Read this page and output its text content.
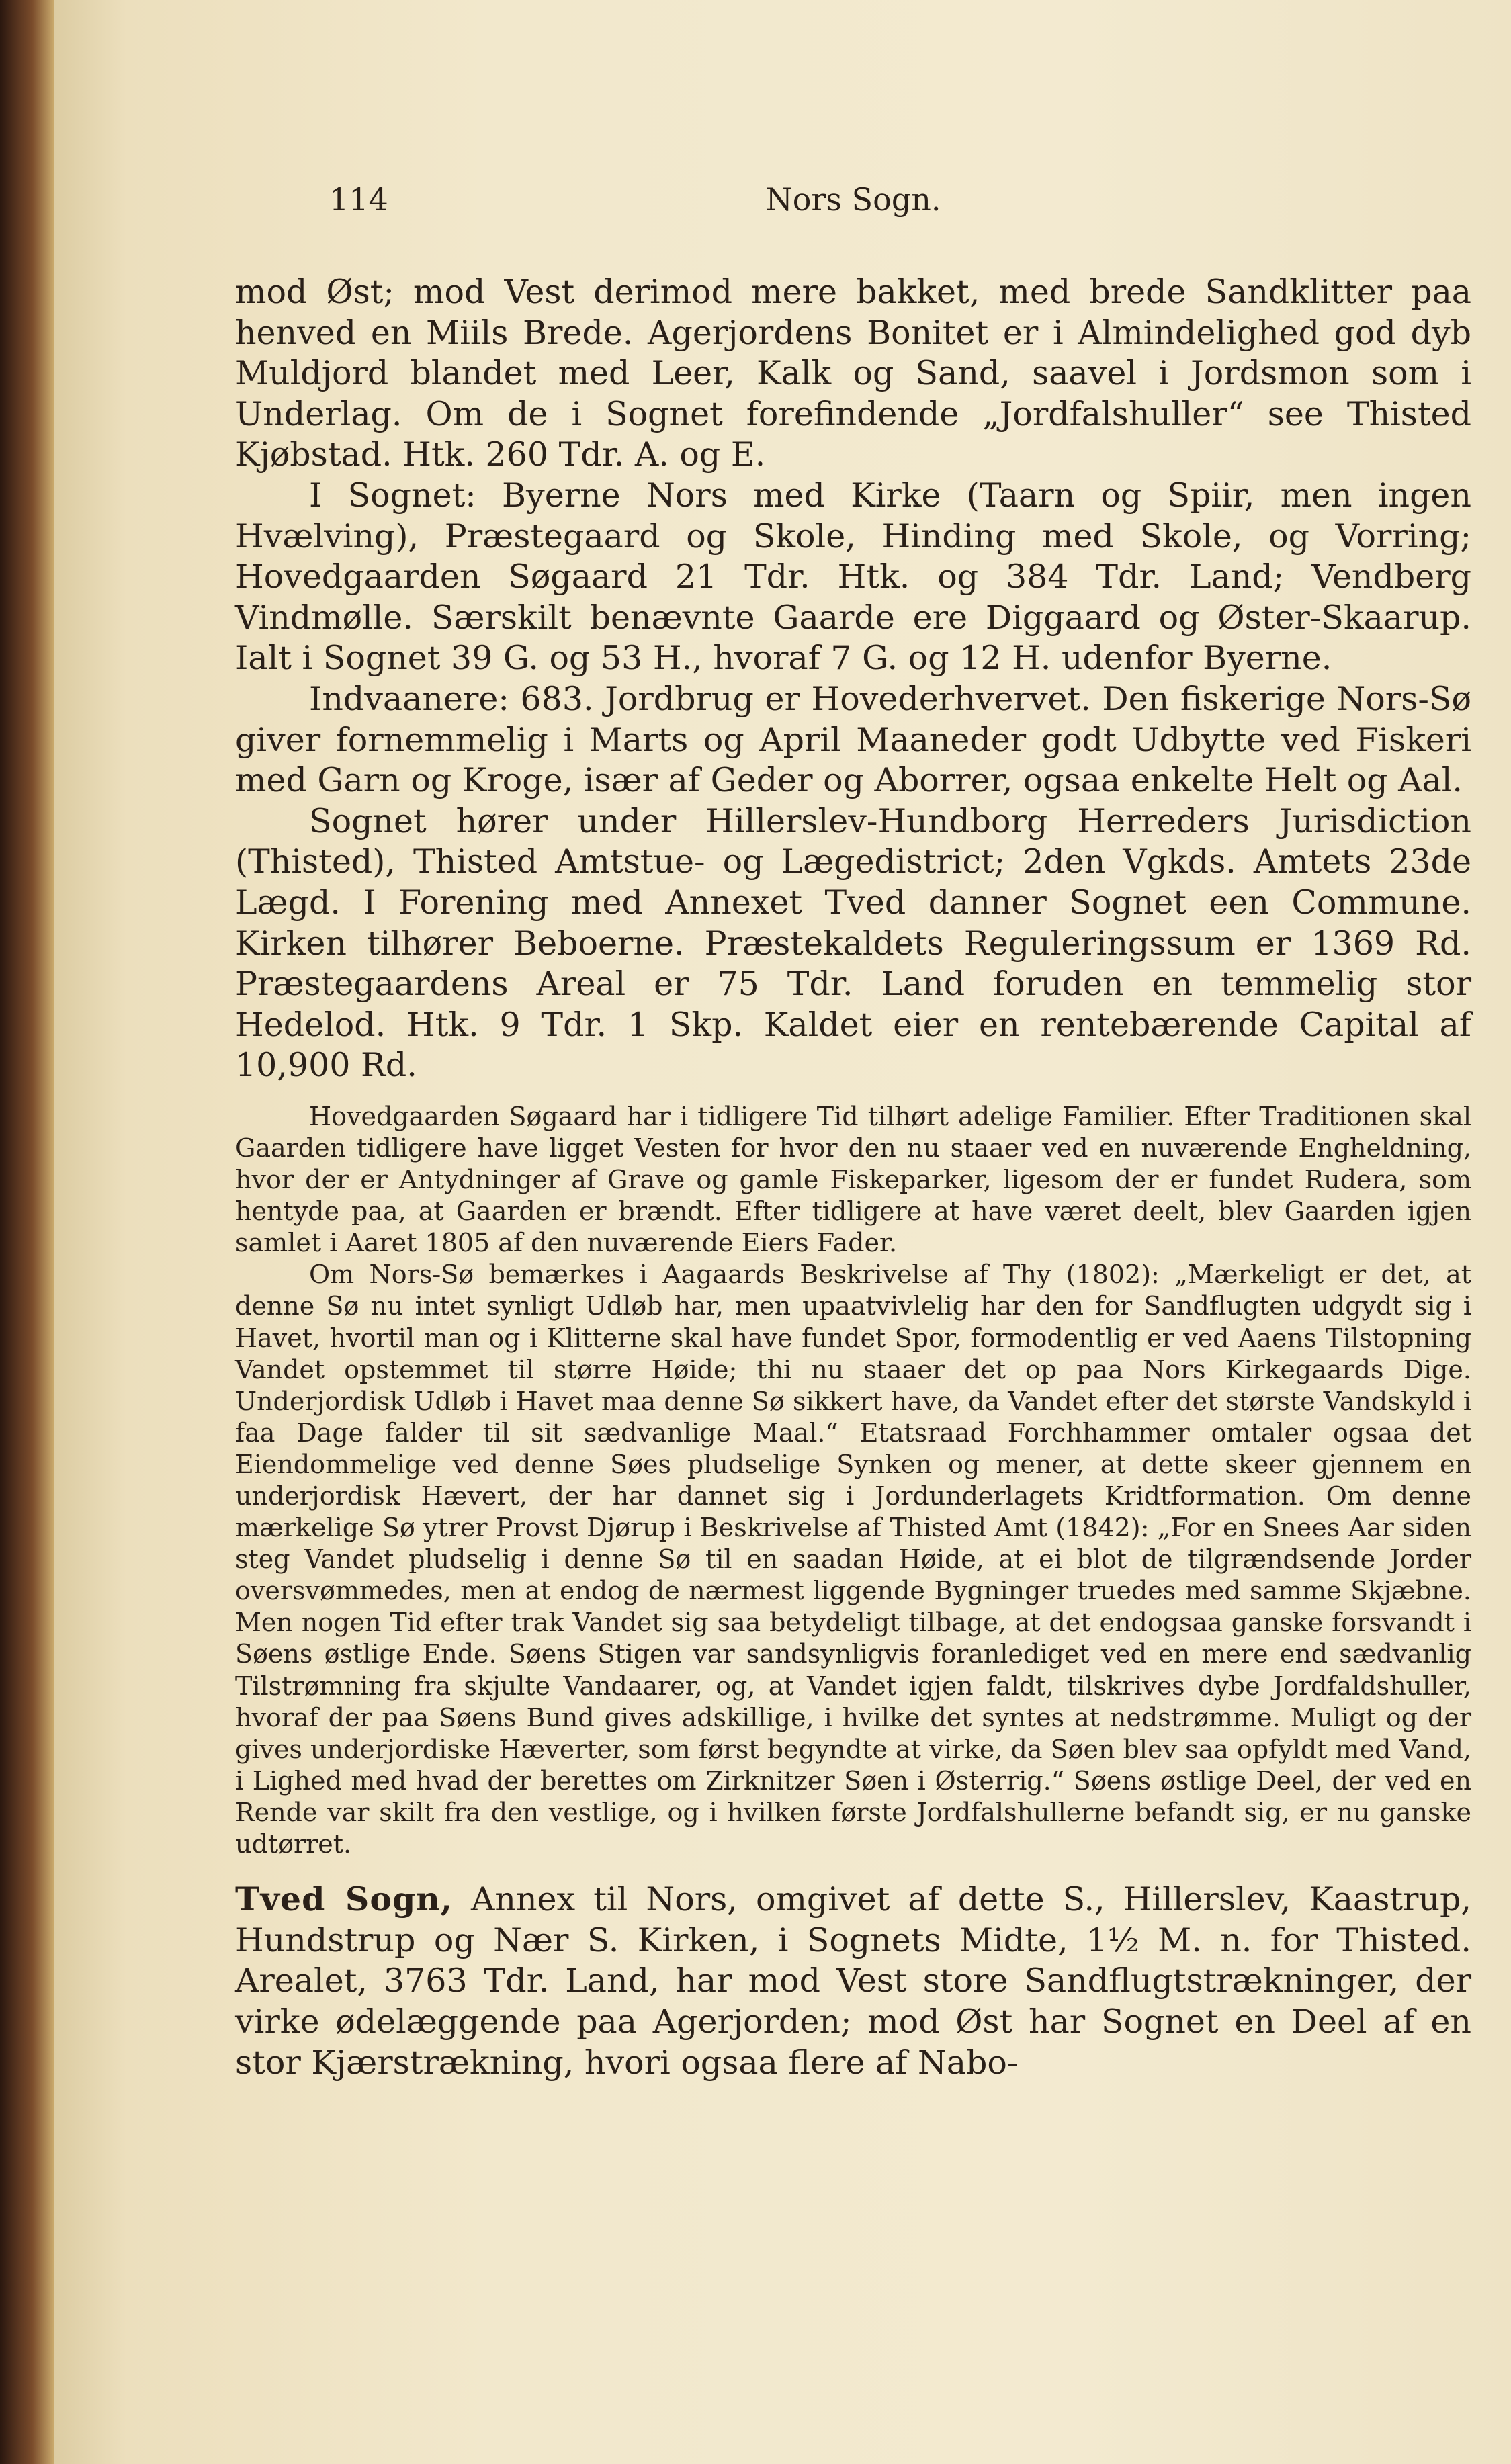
114	Nors Sogn.

mod Øst; mod Vest derimod mere bakket, med brede Sandklitter paa henved en Miils Brede. Agerjordens Bonitet er i Almindelighed god dyb Muldjord blandet med Leer, Kalk og Sand, saavel i Jordsmon som i Underlag. Om de i Sognet forefindende „Jordfalshuller“ see Thisted Kjøbstad. Htk. 260 Tdr. A. og E.

I Sognet: Byerne Nors med Kirke (Taarn og Spiir, men ingen Hvælving), Præstegaard og Skole, Hinding med Skole, og Vorring; Hovedgaarden Søgaard 21 Tdr. Htk. og 384 Tdr. Land; Vendberg Vindmølle. Særskilt benævnte Gaarde ere Diggaard og Øster-Skaarup. Ialt i Sognet 39 G. og 53 H., hvoraf 7 G. og 12 H. udenfor Byerne.

Indvaanere: 683. Jordbrug er Hovederhvervet. Den fiskerige Nors-Sø giver fornemmelig i Marts og April Maaneder godt Udbytte ved Fiskeri med Garn og Kroge, især af Geder og Aborrer, ogsaa enkelte Helt og Aal.

Sognet hører under Hillerslev-Hundborg Herreders Jurisdiction (Thisted), Thisted Amtstue- og Lægedistrict; 2den Vgkds. Amtets 23de Lægd. I Forening med Annexet Tved danner Sognet een Commune. Kirken tilhører Beboerne. Præstekaldets Reguleringssum er 1369 Rd. Præstegaardens Areal er 75 Tdr. Land foruden en temmelig stor Hedelod. Htk. 9 Tdr. 1 Skp. Kaldet eier en rentebærende Capital af 10,900 Rd.

Hovedgaarden Søgaard har i tidligere Tid tilhørt adelige Familier. Efter Traditionen skal Gaarden tidligere have ligget Vesten for hvor den nu staaer ved en nuværende Engheldning, hvor der er Antydninger af Grave og gamle Fiskeparker, ligesom der er fundet Rudera, som hentyde paa, at Gaarden er brændt. Efter tidligere at have været deelt, blev Gaarden igjen samlet i Aaret 1805 af den nuværende Eiers Fader.

Om Nors-Sø bemærkes i Aagaards Beskrivelse af Thy (1802): „Mærkeligt er det, at denne Sø nu intet synligt Udløb har, men upaatvivlelig har den for Sandflugten udgydt sig i Havet, hvortil man og i Klitterne skal have fundet Spor, formodentlig er ved Aaens Tilstopning Vandet opstemmet til større Høide; thi nu staaer det op paa Nors Kirkegaards Dige. Underjordisk Udløb i Havet maa denne Sø sikkert have, da Vandet efter det største Vandskyld i faa Dage falder til sit sædvanlige Maal.“ Etatsraad Forchhammer omtaler ogsaa det Eiendommelige ved denne Søes pludselige Synken og mener, at dette skeer gjennem en underjordisk Hævert, der har dannet sig i Jordunderlagets Kridtformation. Om denne mærkelige Sø ytrer Provst Djørup i Beskrivelse af Thisted Amt (1842): „For en Snees Aar siden steg Vandet pludselig i denne Sø til en saadan Høide, at ei blot de tilgrændsende Jorder oversvømmedes, men at endog de nærmest liggende Bygninger truedes med samme Skjæbne. Men nogen Tid efter trak Vandet sig saa betydeligt tilbage, at det endogsaa ganske forsvandt i Søens østlige Ende. Søens Stigen var sandsynligvis foranlediget ved en mere end sædvanlig Tilstrømning fra skjulte Vandaarer, og, at Vandet igjen faldt, tilskrives dybe Jordfaldshuller, hvoraf der paa Søens Bund gives adskillige, i hvilke det syntes at nedstrømme. Muligt og der gives underjordiske Hæverter, som først begyndte at virke, da Søen blev saa opfyldt med Vand, i Lighed med hvad der berettes om Zirknitzer Søen i Østerrig.“ Søens østlige Deel, der ved en Rende var skilt fra den vestlige, og i hvilken første Jordfalshullerne befandt sig, er nu ganske udtørret.

Tved Sogn, Annex til Nors, omgivet af dette S., Hillerslev, Kaastrup, Hundstrup og Nær S. Kirken, i Sognets Midte, 1½ M. n. for Thisted. Arealet, 3763 Tdr. Land, har mod Vest store Sandflugtstrækninger, der virke ødelæggende paa Agerjorden; mod Øst har Sognet en Deel af en stor Kjærstrækning, hvori ogsaa flere af Nabo-
